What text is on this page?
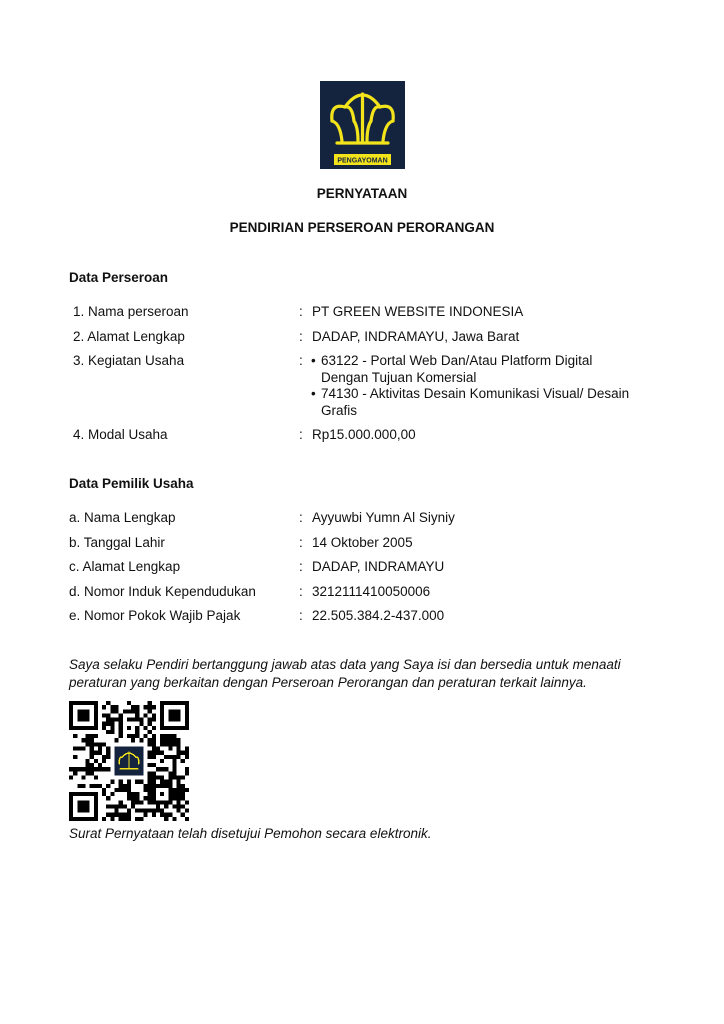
PENGAYOMAN
PERNYATAAN
PENDIRIAN PERSEROAN PERORANGAN
Data Perseroan
1. Nama perseroan	: PT GREEN WEBSITE INDONESIA
2. Alamat Lengkap	: DADAP, INDRAMAYU, Jawa Barat
3. Kegiatan Usaha	: • 63122 - Portal Web Dan/Atau Platform Digital
Dengan Tujuan Komersial
• 74130 - Aktivitas Desain Komunikasi Visual/ Desain
Grafis
4. Modal Usaha	: Rp15.000.000,00
Data Pemilik Usaha
a. Nama Lengkap	: Ayyuwbi Yumn Al Siyniy
b. Tanggal Lahir	: 14 Oktober 2005
c. Alamat Lengkap	: DADAP, INDRAMAYU
d. Nomor Induk Kependudukan	: 3212111410050006
e. Nomor Pokok Wajib Pajak	: 22.505.384.2-437.000
Saya selaku Pendiri bertanggung jawab atas data yang Saya isi dan bersedia untuk menaati
peraturan yang berkaitan dengan Perseroan Perorangan dan peraturan terkait lainnya.
Surat Pernyataan telah disetujui Pemohon secara elektronik.
